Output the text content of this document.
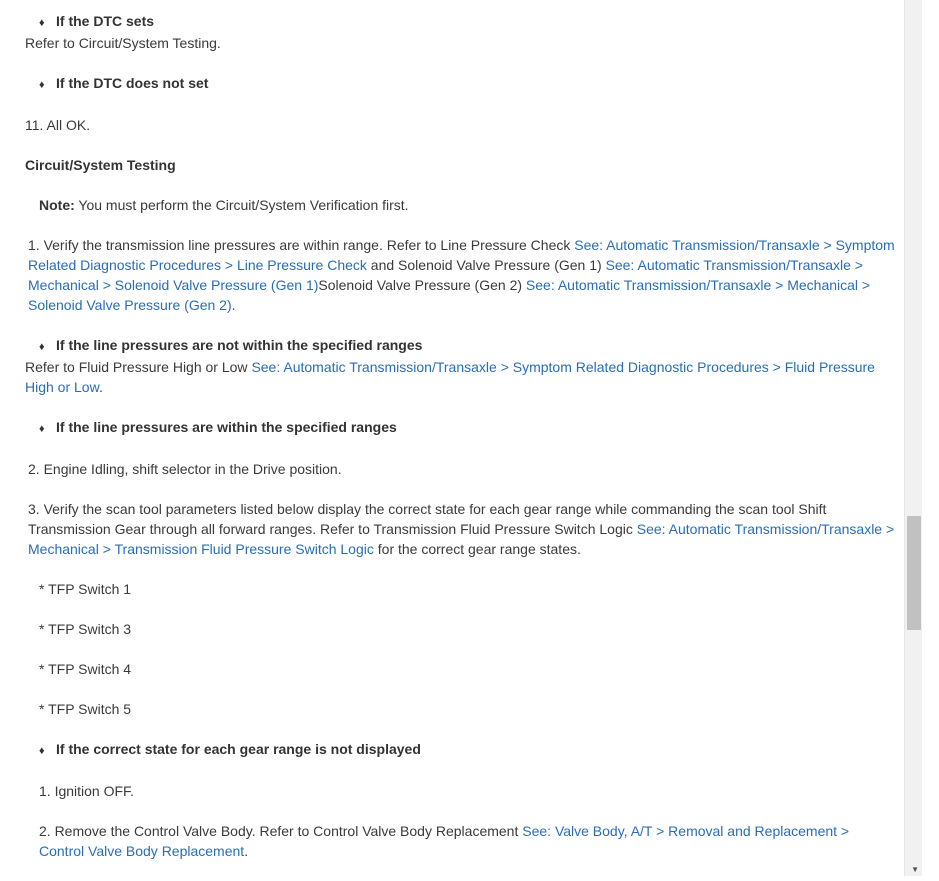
♦ If the DTC sets
Refer to Circuit/System Testing.
♦ If the DTC does not set
11. All OK.
Circuit/System Testing
Note: You must perform the Circuit/System Verification first.
1. Verify the transmission line pressures are within range. Refer to Line Pressure Check See: Automatic Transmission/Transaxle > Symptom Related Diagnostic Procedures > Line Pressure Check and Solenoid Valve Pressure (Gen 1) See: Automatic Transmission/Transaxle > Mechanical > Solenoid Valve Pressure (Gen 1)Solenoid Valve Pressure (Gen 2) See: Automatic Transmission/Transaxle > Mechanical > Solenoid Valve Pressure (Gen 2).
♦ If the line pressures are not within the specified ranges
Refer to Fluid Pressure High or Low See: Automatic Transmission/Transaxle > Symptom Related Diagnostic Procedures > Fluid Pressure High or Low.
♦ If the line pressures are within the specified ranges
2. Engine Idling, shift selector in the Drive position.
3. Verify the scan tool parameters listed below display the correct state for each gear range while commanding the scan tool Shift Transmission Gear through all forward ranges. Refer to Transmission Fluid Pressure Switch Logic See: Automatic Transmission/Transaxle > Mechanical > Transmission Fluid Pressure Switch Logic for the correct gear range states.
* TFP Switch 1
* TFP Switch 3
* TFP Switch 4
* TFP Switch 5
♦ If the correct state for each gear range is not displayed
1. Ignition OFF.
2. Remove the Control Valve Body. Refer to Control Valve Body Replacement See: Valve Body, A/T > Removal and Replacement > Control Valve Body Replacement.
▼
